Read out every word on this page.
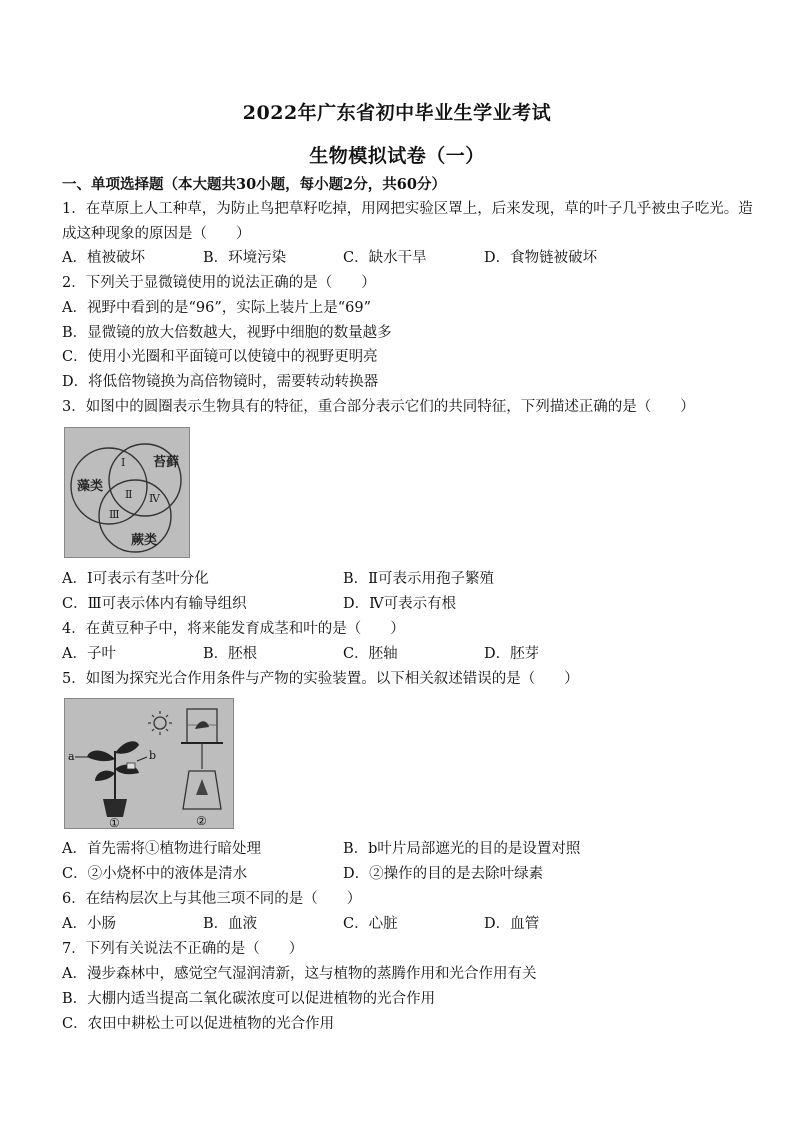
2022年广东省初中毕业生学业考试
生物模拟试卷（一）
一、单项选择题（本大题共30小题，每小题2分，共60分）
1．在草原上人工种草，为防止鸟把草籽吃掉，用网把实验区罩上，后来发现，草的叶子几乎被虫子吃光。造
成这种现象的原因是（　　）
A．植被破坏	B．环境污染	C．缺水干旱	D．食物链被破坏
2．下列关于显微镜使用的说法正确的是（　　）
A．视野中看到的是“96”，实际上装片上是“69”
B．显微镜的放大倍数越大，视野中细胞的数量越多
C．使用小光圈和平面镜可以使镜中的视野更明亮
D．将低倍物镜换为高倍物镜时，需要转动转换器
3．如图中的圆圈表示生物具有的特征，重合部分表示它们的共同特征，下列描述正确的是（　　）
藻类
苔藓
蕨类
Ⅰ
Ⅱ
Ⅲ
Ⅳ
A．Ⅰ可表示有茎叶分化	B．Ⅱ可表示用孢子繁殖
C．Ⅲ可表示体内有输导组织	D．Ⅳ可表示有根
4．在黄豆种子中，将来能发育成茎和叶的是（　　）
A．子叶	B．胚根	C．胚轴	D．胚芽
5．如图为探究光合作用条件与产物的实验装置。以下相关叙述错误的是（　　）
a	b
①	②
A．首先需将①植物进行暗处理	B．b叶片局部遮光的目的是设置对照
C．②小烧杯中的液体是清水	D．②操作的目的是去除叶绿素
6．在结构层次上与其他三项不同的是（　　）
A．小肠	B．血液	C．心脏	D．血管
7．下列有关说法不正确的是（　　）
A．漫步森林中，感觉空气湿润清新，这与植物的蒸腾作用和光合作用有关
B．大棚内适当提高二氧化碳浓度可以促进植物的光合作用
C．农田中耕松土可以促进植物的光合作用
